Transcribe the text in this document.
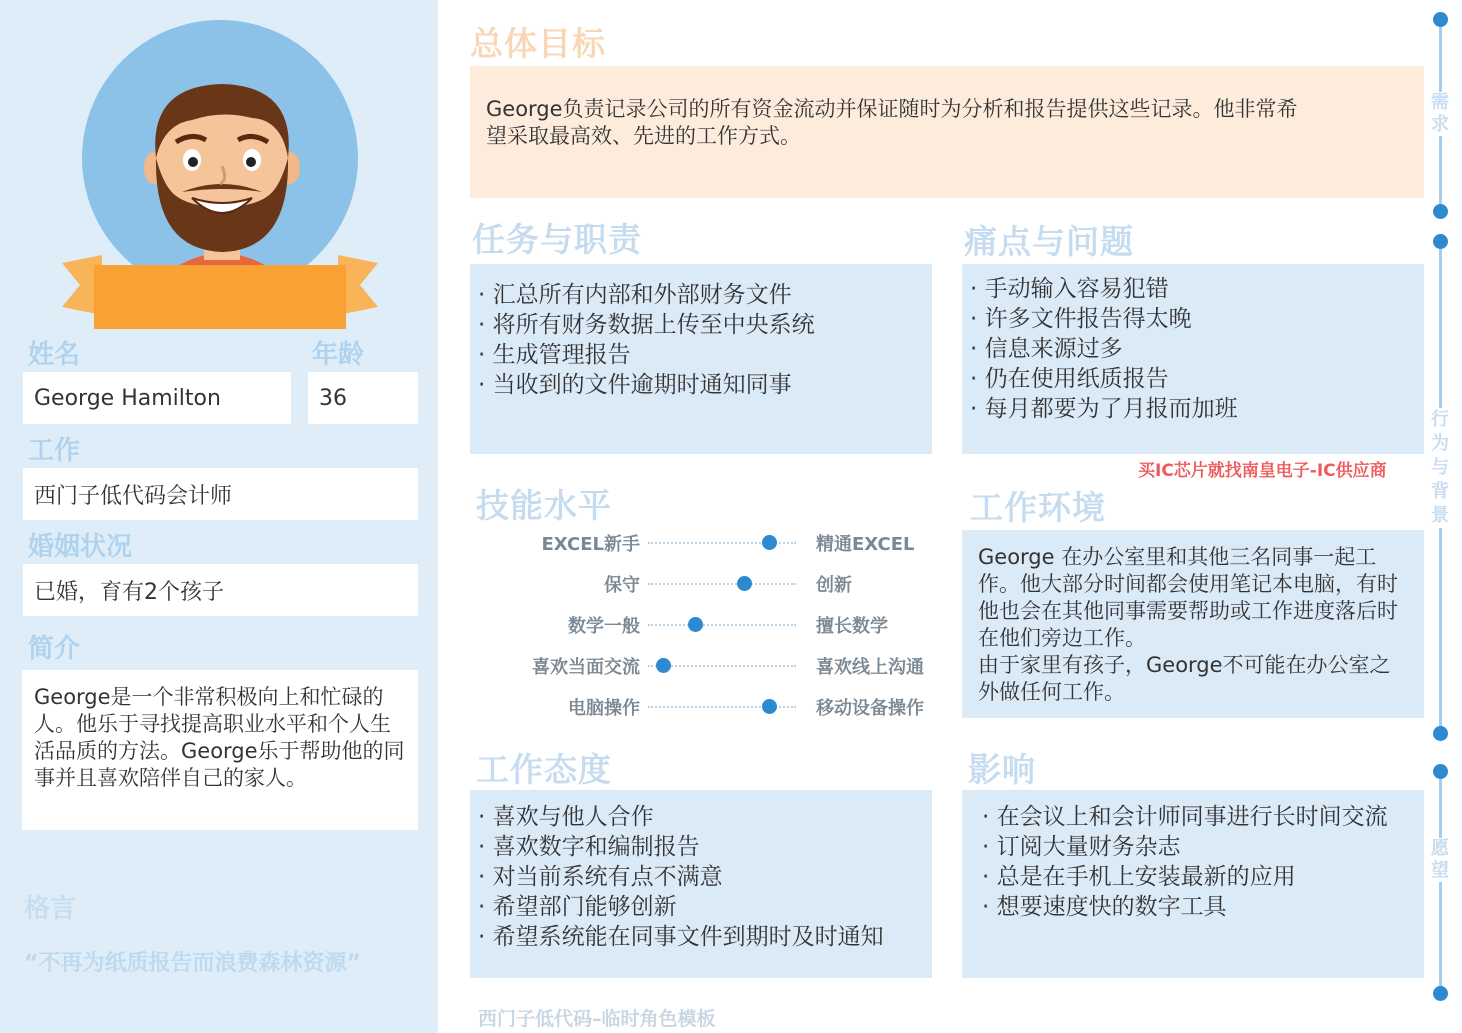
姓名	年龄
George Hamilton	36
工作
西门子低代码会计师
婚姻状况
已婚，育有2个孩子
简介
George是一个非常积极向上和忙碌的人。他乐于寻找提高职业水平和个人生活品质的方法。George乐于帮助他的同事并且喜欢陪伴自己的家人。
格言
“不再为纸质报告而浪费森林资源”
总体目标
George负责记录公司的所有资金流动并保证随时为分析和报告提供这些记录。他非常希望采取最高效、先进的工作方式。
任务与职责
· 汇总所有内部和外部财务文件
· 将所有财务数据上传至中央系统
· 生成管理报告
· 当收到的文件逾期时通知同事
痛点与问题
· 手动输入容易犯错
· 许多文件报告得太晚
· 信息来源过多
· 仍在使用纸质报告
· 每月都要为了月报而加班
买IC芯片就找南皇电子-IC供应商
技能水平
EXCEL新手	精通EXCEL
保守	创新
数学一般	擅长数学
喜欢当面交流	喜欢线上沟通
电脑操作	移动设备操作
工作环境
George 在办公室里和其他三名同事一起工作。他大部分时间都会使用笔记本电脑，有时他也会在其他同事需要帮助或工作进度落后时在他们旁边工作。
由于家里有孩子，George不可能在办公室之外做任何工作。
工作态度
· 喜欢与他人合作
· 喜欢数字和编制报告
· 对当前系统有点不满意
· 希望部门能够创新
· 希望系统能在同事文件到期时及时通知
影响
· 在会议上和会计师同事进行长时间交流
· 订阅大量财务杂志
· 总是在手机上安装最新的应用
· 想要速度快的数字工具
西门子低代码–临时角色模板
需求
行为与背景
愿望
